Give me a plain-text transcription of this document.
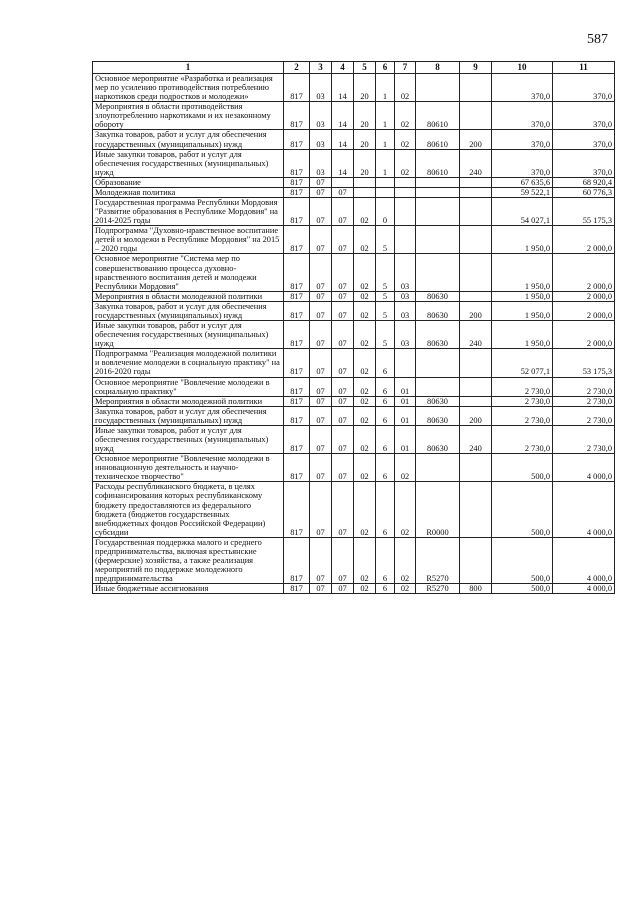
587
1	2	3	4	5	6	7	8	9	10	11
Основное мероприятие «Разработка и реализация мер по усилению противодействия потреблению наркотиков среди подростков и молодежи»	817	03	14	20	1	02			370,0	370,0
Мероприятия в области противодействия злоупотреблению наркотиками и их незаконному обороту	817	03	14	20	1	02	80610		370,0	370,0
Закупка товаров, работ и услуг для обеспечения государственных (муниципальных) нужд	817	03	14	20	1	02	80610	200	370,0	370,0
Иные закупки товаров, работ и услуг для обеспечения государственных (муниципальных) нужд	817	03	14	20	1	02	80610	240	370,0	370,0
Образование	817	07							67 635,6	68 920,4
Молодежная политика	817	07	07						59 522,1	60 776,3
Государственная программа Республики Мордовия "Развитие образования в Республике Мордовия" на 2014-2025 годы	817	07	07	02	0				54 027,1	55 175,3
Подпрограмма "Духовно-нравственное воспитание детей и молодежи в Республике Мордовия" на 2015 – 2020 годы	817	07	07	02	5				1 950,0	2 000,0
Основное мероприятие "Система мер по совершенствованию процесса духовно-нравственного воспитания детей и молодежи Республики Мордовия"	817	07	07	02	5	03			1 950,0	2 000,0
Мероприятия в области молодежной политики	817	07	07	02	5	03	80630		1 950,0	2 000,0
Закупка товаров, работ и услуг для обеспечения государственных (муниципальных) нужд	817	07	07	02	5	03	80630	200	1 950,0	2 000,0
Иные закупки товаров, работ и услуг для обеспечения государственных (муниципальных) нужд	817	07	07	02	5	03	80630	240	1 950,0	2 000,0
Подпрограмма "Реализация молодежной политики и вовлечение молодежи в социальную практику" на 2016-2020 годы	817	07	07	02	6				52 077,1	53 175,3
Основное мероприятие "Вовлечение молодежи в социальную практику"	817	07	07	02	6	01			2 730,0	2 730,0
Мероприятия в области молодежной политики	817	07	07	02	6	01	80630		2 730,0	2 730,0
Закупка товаров, работ и услуг для обеспечения государственных (муниципальных) нужд	817	07	07	02	6	01	80630	200	2 730,0	2 730,0
Иные закупки товаров, работ и услуг для обеспечения государственных (муниципальных) нужд	817	07	07	02	6	01	80630	240	2 730,0	2 730,0
Основное мероприятие "Вовлечение молодежи в инновационную деятельность и научно-техническое творчество"	817	07	07	02	6	02			500,0	4 000,0
Расходы республиканского бюджета, в целях софинансирования которых республиканскому бюджету предоставляются из федерального бюджета (бюджетов государственных внебюджетных фондов Российской Федерации) субсидии	817	07	07	02	6	02	R0000		500,0	4 000,0
Государственная поддержка малого и среднего предпринимательства, включая крестьянские (фермерские) хозяйства, а также реализация мероприятий по поддержке молодежного предпринимательства	817	07	07	02	6	02	R5270		500,0	4 000,0
Иные бюджетные ассигнования	817	07	07	02	6	02	R5270	800	500,0	4 000,0
